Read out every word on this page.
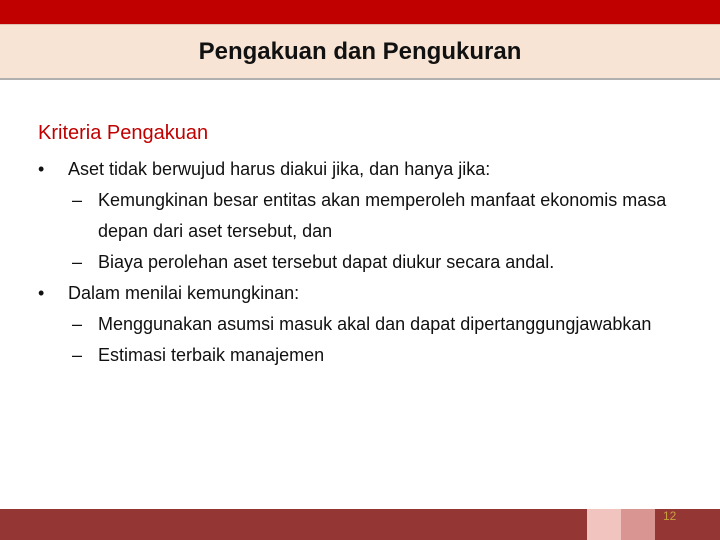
Pengakuan dan Pengukuran
Kriteria Pengakuan
•	Aset tidak berwujud harus diakui jika, dan hanya jika:
– Kemungkinan besar entitas akan memperoleh manfaat ekonomis masa depan dari aset tersebut, dan
– Biaya perolehan aset tersebut dapat diukur secara andal.
•	Dalam menilai kemungkinan:
– Menggunakan asumsi masuk akal dan dapat dipertanggungjawabkan
– Estimasi terbaik manajemen
12
